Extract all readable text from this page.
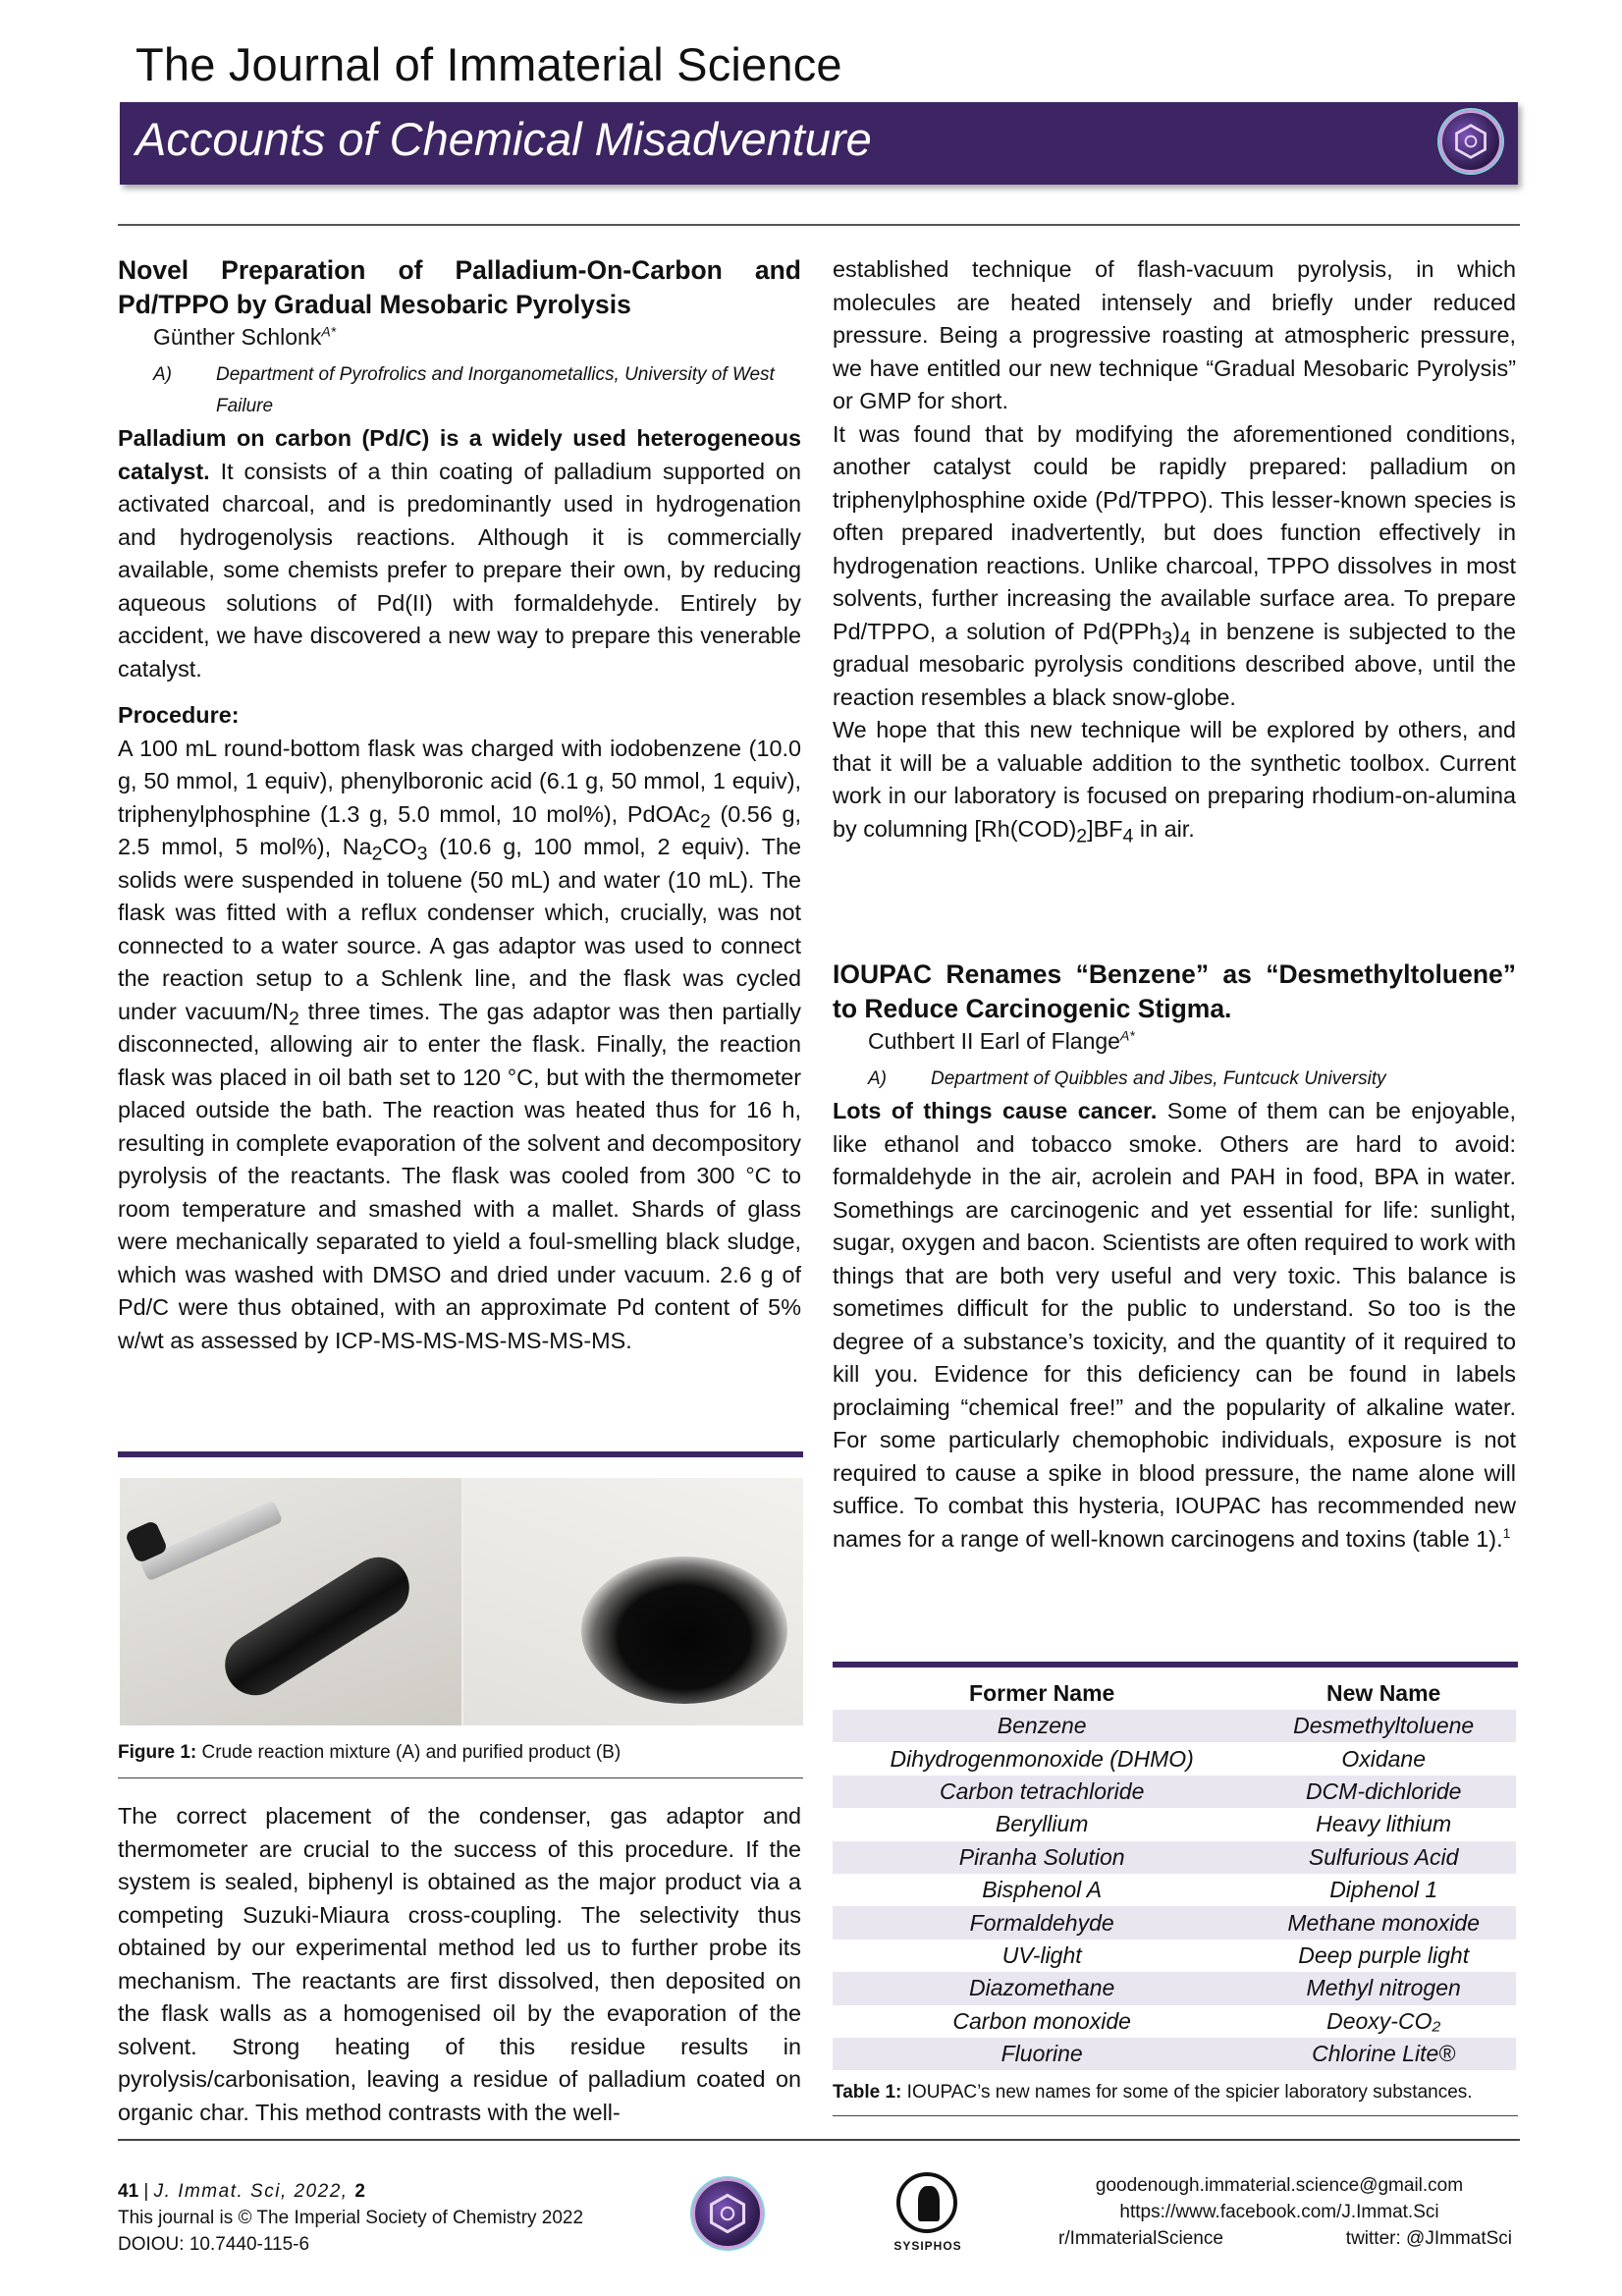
The Journal of Immaterial Science
Accounts of Chemical Misadventure

Novel Preparation of Palladium-On-Carbon and Pd/TPPO by Gradual Mesobaric Pyrolysis

Günther Schlonk$^{A*}$

A)	Department of Pyrofrolics and Inorganometallics, University of West Failure

Palladium on carbon (Pd/C) is a widely used heterogeneous catalyst. It consists of a thin coating of palladium supported on activated charcoal, and is predominantly used in hydrogenation and hydrogenolysis reactions. Although it is commercially available, some chemists prefer to prepare their own, by reducing aqueous solutions of Pd(II) with formaldehyde. Entirely by accident, we have discovered a new way to prepare this venerable catalyst.

Procedure:

A 100 mL round-bottom flask was charged with iodobenzene (10.0 g, 50 mmol, 1 equiv), phenylboronic acid (6.1 g, 50 mmol, 1 equiv), triphenylphosphine (1.3 g, 5.0 mmol, 10 mol%), PdOAc$_2$ (0.56 g, 2.5 mmol, 5 mol%), $Na_2CO_3$ (10.6 g, 100 mmol, 2 equiv). The solids were suspended in toluene (50 mL) and water (10 mL). The flask was fitted with a reflux condenser which, crucially, was not connected to a water source. A gas adaptor was used to connect the reaction setup to a Schlenk line, and the flask was cycled under vacuum/$N_2$ three times. The gas adaptor was then partially disconnected, allowing air to enter the flask. Finally, the reaction flask was placed in oil bath set to 120 °C, but with the thermometer placed outside the bath. The reaction was heated thus for 16 h, resulting in complete evaporation of the solvent and decompository pyrolysis of the reactants. The flask was cooled from 300 °C to room temperature and smashed with a mallet. Shards of glass were mechanically separated to yield a foul-smelling black sludge, which was washed with DMSO and dried under vacuum. 2.6 g of Pd/C were thus obtained, with an approximate Pd content of 5% w/wt as assessed by ICP-MS-MS-MS-MS-MS-MS.

Figure 1: Crude reaction mixture (A) and purified product (B)

The correct placement of the condenser, gas adaptor and thermometer are crucial to the success of this procedure. If the system is sealed, biphenyl is obtained as the major product via a competing Suzuki-Miaura cross-coupling. The selectivity thus obtained by our experimental method led us to further probe its mechanism. The reactants are first dissolved, then deposited on the flask walls as a homogenised oil by the evaporation of the solvent. Strong heating of this residue results in pyrolysis/carbonisation, leaving a residue of palladium coated on organic char. This method contrasts with the well-

established technique of flash-vacuum pyrolysis, in which molecules are heated intensely and briefly under reduced pressure. Being a progressive roasting at atmospheric pressure, we have entitled our new technique “Gradual Mesobaric Pyrolysis” or GMP for short.

It was found that by modifying the aforementioned conditions, another catalyst could be rapidly prepared: palladium on triphenylphosphine oxide (Pd/TPPO). This lesser-known species is often prepared inadvertently, but does function effectively in hydrogenation reactions. Unlike charcoal, TPPO dissolves in most solvents, further increasing the available surface area. To prepare Pd/TPPO, a solution of $Pd(PPh_3)_4$ in benzene is subjected to the gradual mesobaric pyrolysis conditions described above, until the reaction resembles a black snow-globe.

We hope that this new technique will be explored by others, and that it will be a valuable addition to the synthetic toolbox. Current work in our laboratory is focused on preparing rhodium-on-alumina by columning $[Rh(COD)_2]BF_4$ in air.

IOUPAC Renames “Benzene” as “Desmethyltoluene” to Reduce Carcinogenic Stigma.

Cuthbert II Earl of Flange$^{A*}$

A)	Department of Quibbles and Jibes, Funtcuck University

Lots of things cause cancer. Some of them can be enjoyable, like ethanol and tobacco smoke. Others are hard to avoid: formaldehyde in the air, acrolein and PAH in food, BPA in water. Somethings are carcinogenic and yet essential for life: sunlight, sugar, oxygen and bacon. Scientists are often required to work with things that are both very useful and very toxic. This balance is sometimes difficult for the public to understand. So too is the degree of a substance’s toxicity, and the quantity of it required to kill you. Evidence for this deficiency can be found in labels proclaiming “chemical free!” and the popularity of alkaline water. For some particularly chemophobic individuals, exposure is not required to cause a spike in blood pressure, the name alone will suffice. To combat this hysteria, IOUPAC has recommended new names for a range of well-known carcinogens and toxins (table 1).$^1$

Former Name	New Name
Benzene	Desmethyltoluene
Dihydrogenmonoxide (DHMO)	Oxidane
Carbon tetrachloride	DCM-dichloride
Beryllium	Heavy lithium
Piranha Solution	Sulfurious Acid
Bisphenol A	Diphenol 1
Formaldehyde	Methane monoxide
UV-light	Deep purple light
Diazomethane	Methyl nitrogen
Carbon monoxide	Deoxy-CO₂
Fluorine	Chlorine Lite®
Table 1: IOUPAC’s new names for some of the spicier laboratory substances.
41 | J. Immat. Sci, 2022, 2
This journal is © The Imperial Society of Chemistry 2022
DOIOU: 10.7440-115-6	SYSIPHOS
goodenough.immaterial.science@gmail.com
https://www.facebook.com/J.Immat.Sci
r/ImmaterialScience	twitter: @JImmatSci
